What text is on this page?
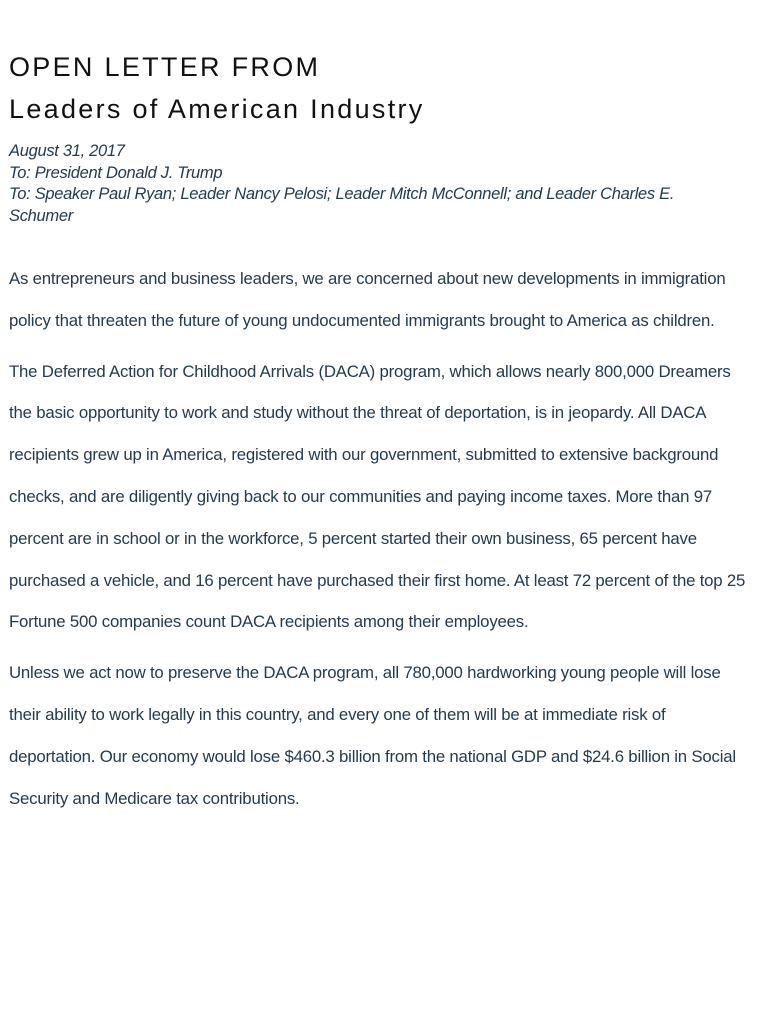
OPEN LETTER FROM
Leaders of American Industry
August 31, 2017
To: President Donald J. Trump
To: Speaker Paul Ryan; Leader Nancy Pelosi; Leader Mitch McConnell; and Leader Charles E. Schumer

As entrepreneurs and business leaders, we are concerned about new developments in immigration policy that threaten the future of young undocumented immigrants brought to America as children.

The Deferred Action for Childhood Arrivals (DACA) program, which allows nearly 800,000 Dreamers the basic opportunity to work and study without the threat of deportation, is in jeopardy. All DACA recipients grew up in America, registered with our government, submitted to extensive background checks, and are diligently giving back to our communities and paying income taxes. More than 97 percent are in school or in the workforce, 5 percent started their own business, 65 percent have purchased a vehicle, and 16 percent have purchased their first home. At least 72 percent of the top 25 Fortune 500 companies count DACA recipients among their employees.

Unless we act now to preserve the DACA program, all 780,000 hardworking young people will lose their ability to work legally in this country, and every one of them will be at immediate risk of deportation. Our economy would lose $460.3 billion from the national GDP and $24.6 billion in Social Security and Medicare tax contributions.
